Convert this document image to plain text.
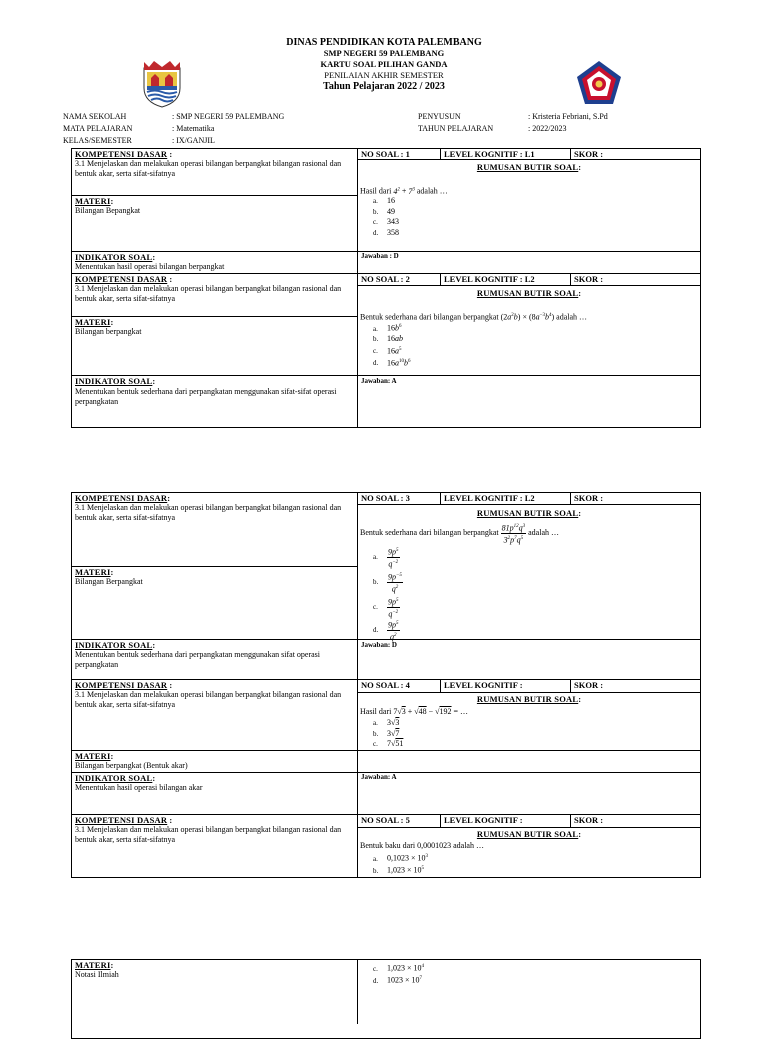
DINAS PENDIDIKAN KOTA PALEMBANG
SMP NEGERI 59 PALEMBANG
KARTU SOAL PILIHAN GANDA
PENILAIAN AKHIR SEMESTER
Tahun Pelajaran 2022 / 2023
NAMA SEKOLAH	: SMP NEGERI 59 PALEMBANG
MATA PELAJARAN	: Matematika
KELAS/SEMESTER	: IX/GANJIL
PENYUSUN	: Kristeria Febriani, S.Pd
TAHUN PELAJARAN	: 2022/2023
KOMPETENSI DASAR :
3.1 Menjelaskan dan melakukan operasi bilangan berpangkat bilangan rasional dan bentuk akar, serta sifat-sifatnya
MATERI:
Bilangan Bepangkat
INDIKATOR SOAL:
Menentukan hasil operasi bilangan berpangkat
NO SOAL : 1	LEVEL KOGNITIF : L1	SKOR :
RUMUSAN BUTIR SOAL:
Hasil dari $4^2 + 7^3$ adalah …
a. 16
b. 49
c. 343
d. 358
Jawaban : D
KOMPETENSI DASAR :
3.1 Menjelaskan dan melakukan operasi bilangan berpangkat bilangan rasional dan bentuk akar, serta sifat-sifatnya
MATERI:
Bilangan berpangkat
INDIKATOR SOAL:
Menentukan bentuk sederhana dari perpangkatan menggunakan sifat-sifat operasi perpangkatan
NO SOAL : 2	LEVEL KOGNITIF : L2	SKOR :
RUMUSAN BUTIR SOAL:
Bentuk sederhana dari bilangan berpangkat $(2a^2b) \times (8a^{-3}b^4)$ adalah …
a. $16b^6$
b. 16ab
c. $16a^5$
d. $16a^{10}b^6$
Jawaban: A
KOMPETENSI DASAR:
3.1 Menjelaskan dan melakukan operasi bilangan berpangkat bilangan rasional dan bentuk akar, serta sifat-sifatnya
MATERI:
Bilangan Berpangkat
INDIKATOR SOAL:
Menentukan bentuk sederhana dari perpangkatan menggunakan sifat operasi perpangkatan
NO SOAL : 3	LEVEL KOGNITIF : L2	SKOR :
RUMUSAN BUTIR SOAL:
Bentuk sederhana dari bilangan berpangkat $\frac{81p^{12}q^3}{3^2p^7q^5}$ adalah …
a. $\frac{9p^5}{q^{-2}}$
b. $\frac{9p^{-5}}{q^2}$
c. $\frac{9p^5}{q^{-2}}$
d. $\frac{9p^5}{q^2}$
Jawaban: D
KOMPETENSI DASAR :
3.1 Menjelaskan dan melakukan operasi bilangan berpangkat bilangan rasional dan bentuk akar, serta sifat-sifatnya
MATERI:
Bilangan berpangkat (Bentuk akar)
INDIKATOR SOAL:
Menentukan hasil operasi bilangan akar
NO SOAL : 4	LEVEL KOGNITIF :	SKOR :
RUMUSAN BUTIR SOAL:
Hasil dari 7√3 + √48 − √192 = …
a. 3√3
b. 3√7
c. 7√51
Jawaban: A
KOMPETENSI DASAR :
3.1 Menjelaskan dan melakukan operasi bilangan berpangkat bilangan rasional dan bentuk akar, serta sifat-sifatnya
NO SOAL : 5	LEVEL KOGNITIF :	SKOR :
RUMUSAN BUTIR SOAL:
Bentuk baku dari 0,0001023 adalah …
a. $0,1023 \times 10^3$
b. $1,023 \times 10^5$
MATERI:
Notasi Ilmiah
c. $1,023 \times 10^4$
d. $1023 \times 10^7$
